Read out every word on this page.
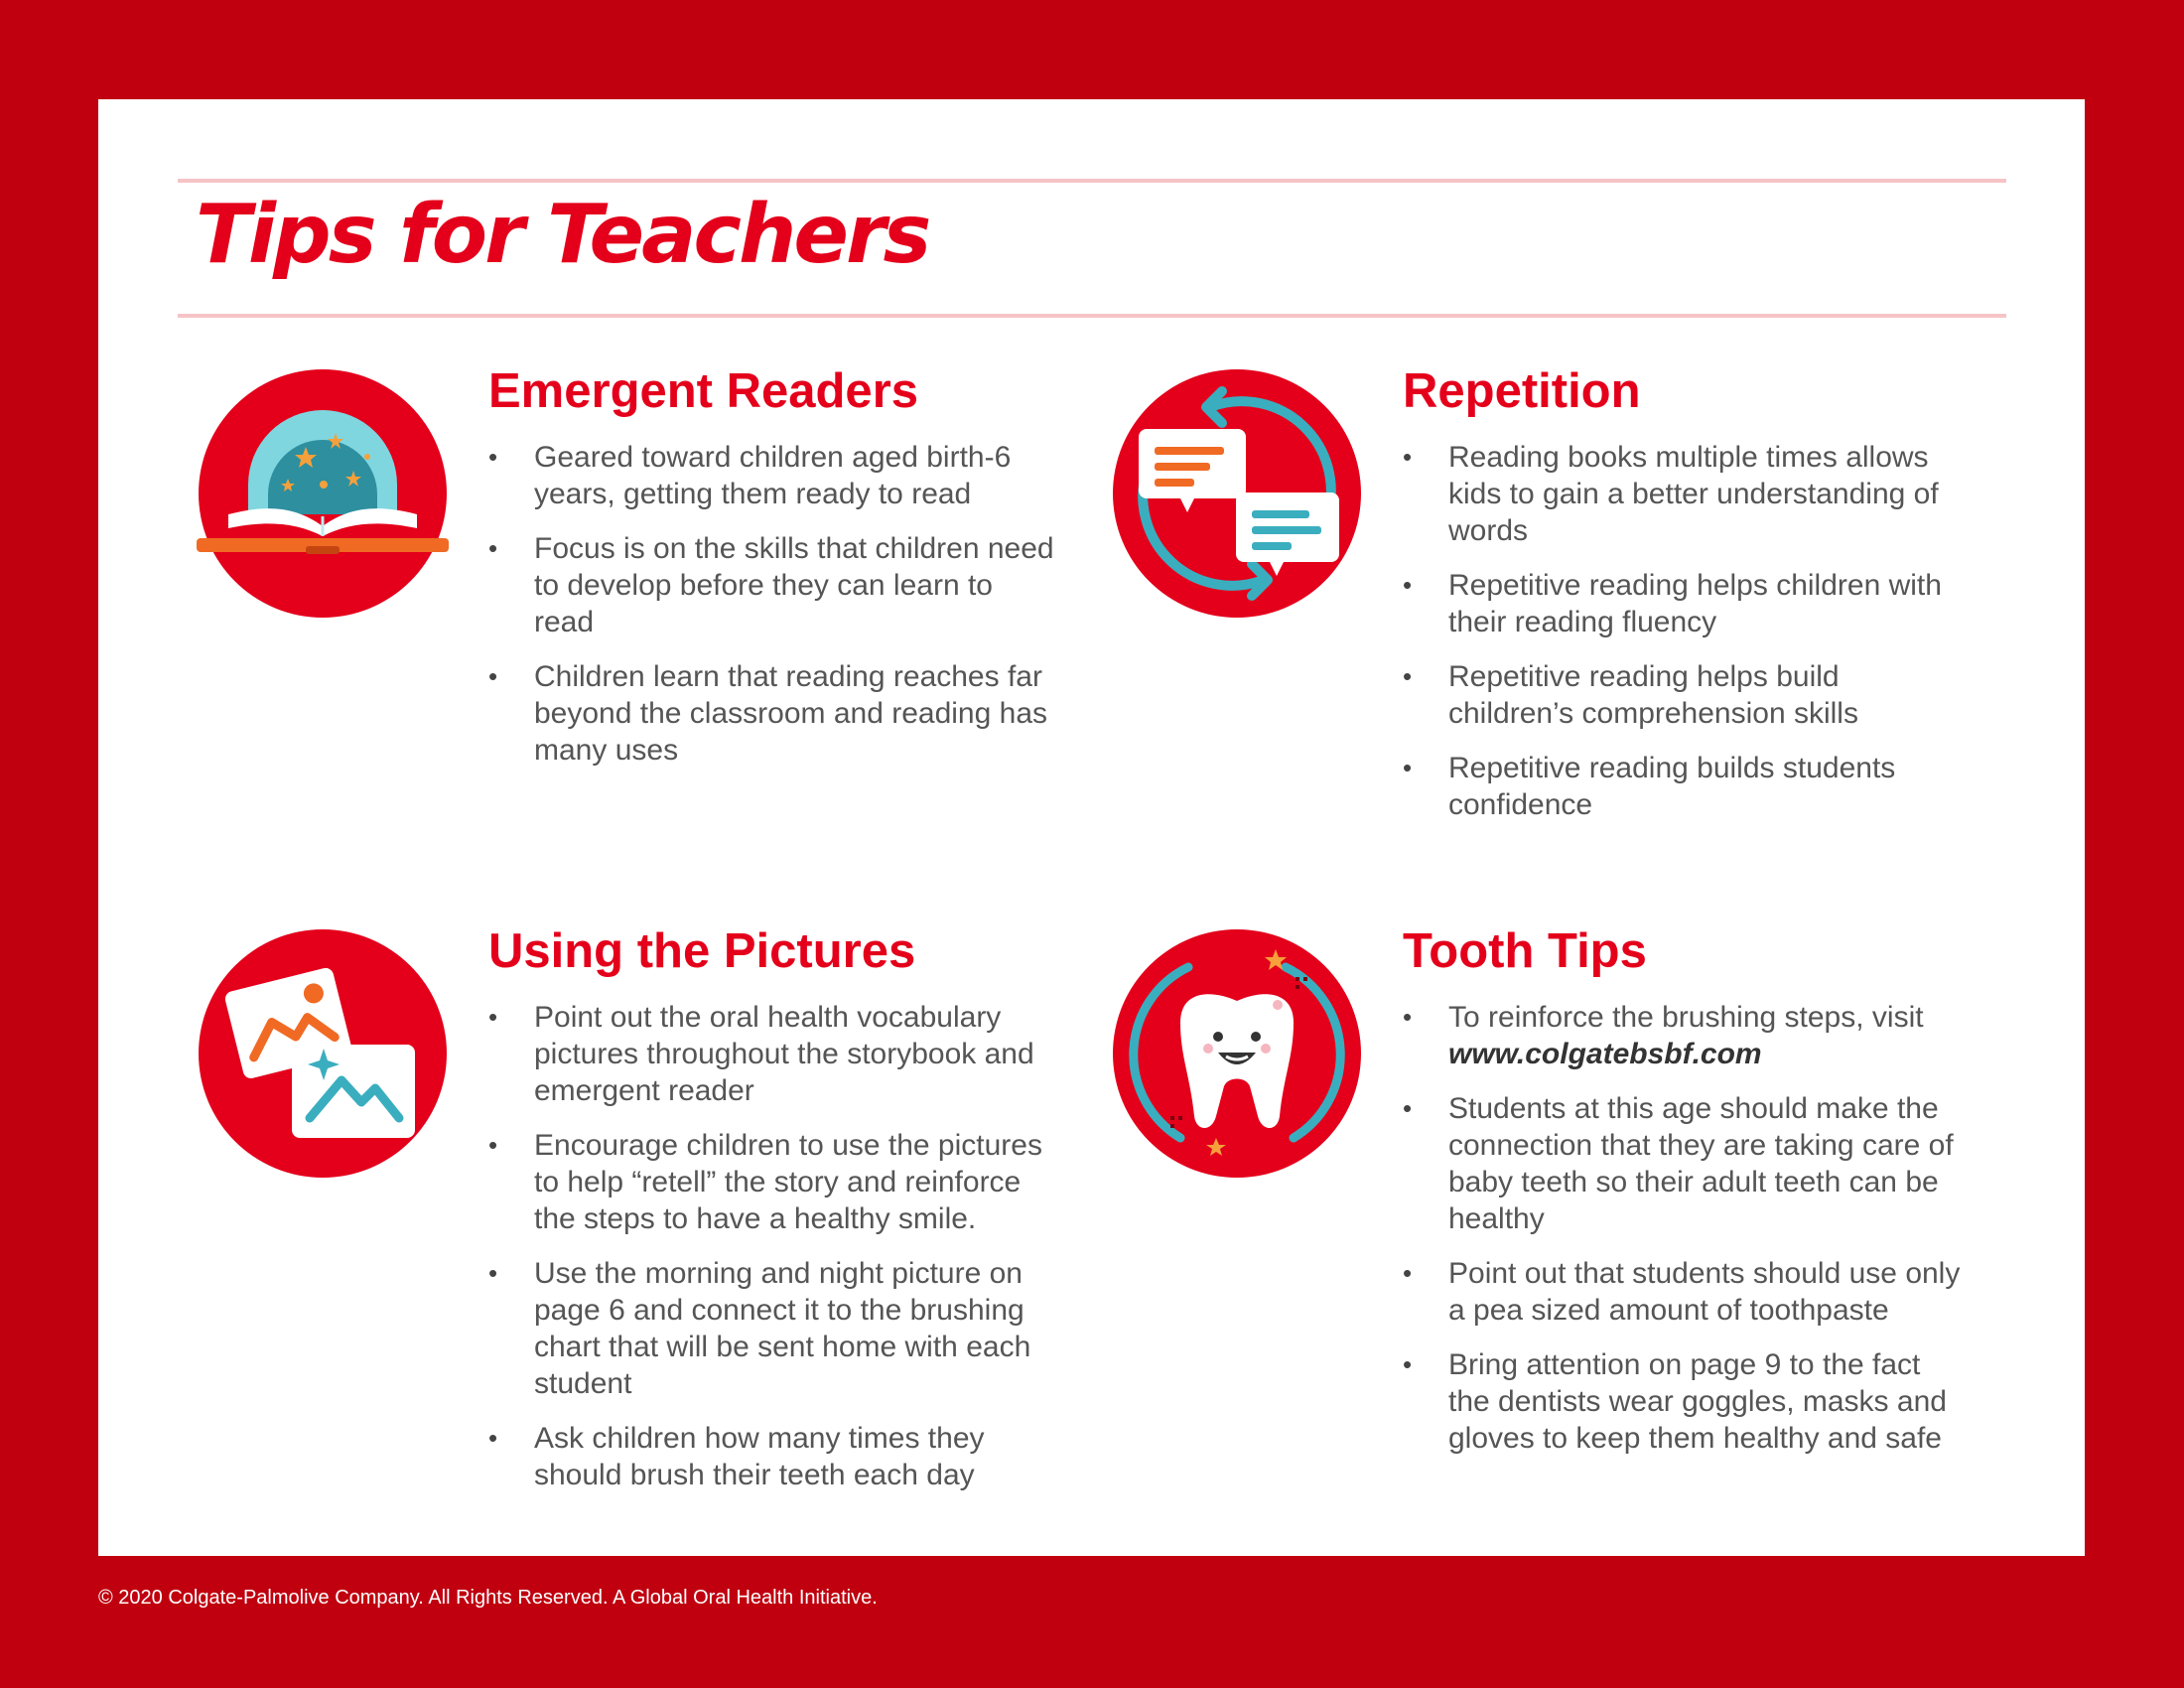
Tips for Teachers
Emergent Readers
• Geared toward children aged birth-6 years, getting them ready to read
• Focus is on the skills that children need to develop before they can learn to read
• Children learn that reading reaches far beyond the classroom and reading has many uses
Repetition
• Reading books multiple times allows kids to gain a better understanding of words
• Repetitive reading helps children with their reading fluency
• Repetitive reading helps build children’s comprehension skills
• Repetitive reading builds students confidence
Using the Pictures
• Point out the oral health vocabulary pictures throughout the storybook and emergent reader
• Encourage children to use the pictures to help “retell” the story and reinforce the steps to have a healthy smile.
• Use the morning and night picture on page 6 and connect it to the brushing chart that will be sent home with each student
• Ask children how many times they should brush their teeth each day
Tooth Tips
• To reinforce the brushing steps, visit
www.colgatebsbf.com
• Students at this age should make the connection that they are taking care of baby teeth so their adult teeth can be healthy
• Point out that students should use only a pea sized amount of toothpaste
• Bring attention on page 9 to the fact the dentists wear goggles, masks and gloves to keep them healthy and safe
© 2020 Colgate-Palmolive Company. All Rights Reserved. A Global Oral Health Initiative.
